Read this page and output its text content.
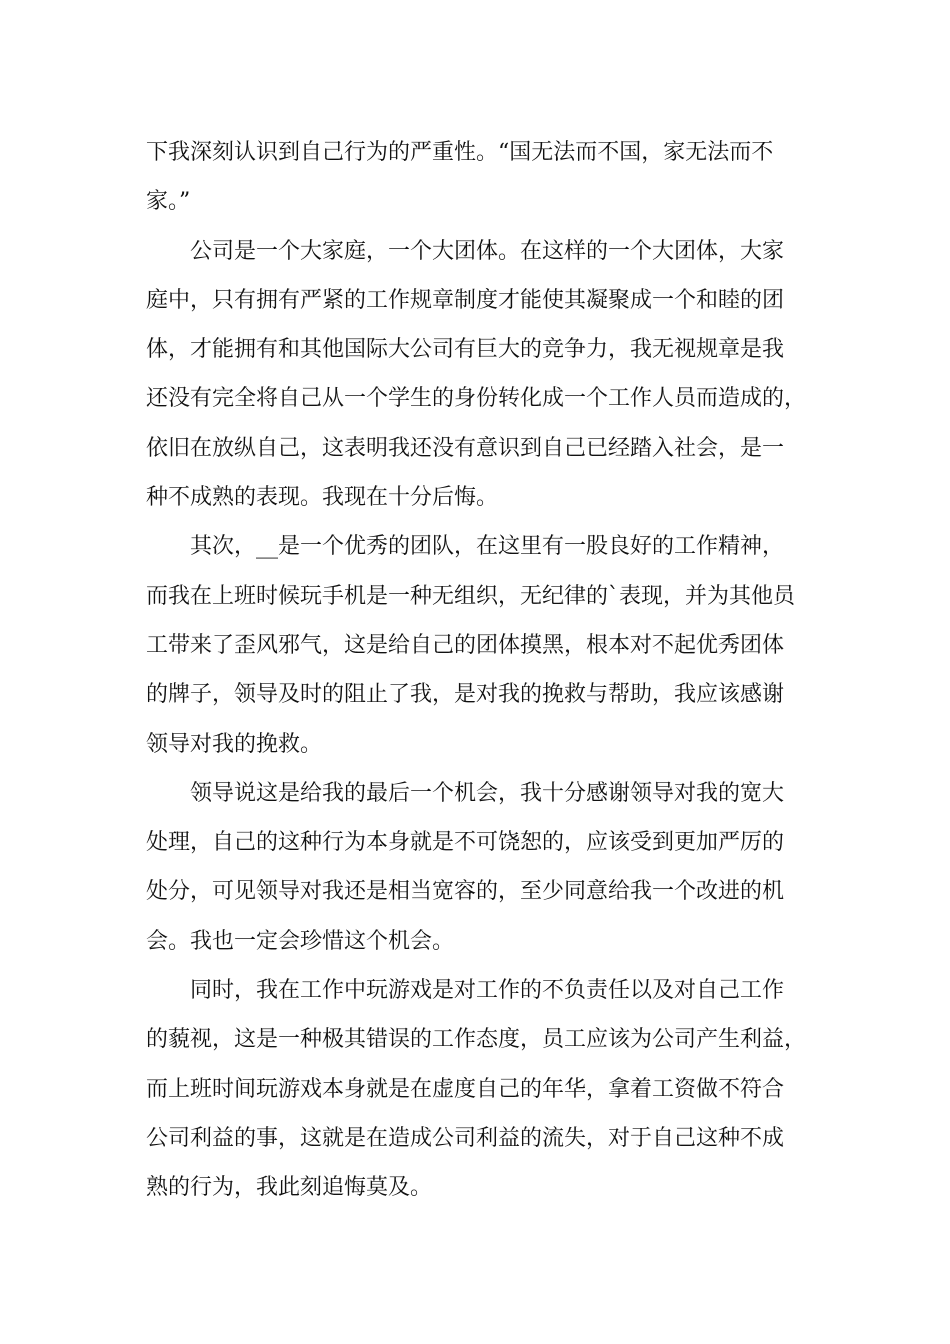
下我深刻认识到自己行为的严重性。“国无法而不国，家无法而不
家。”
公司是一个大家庭，一个大团体。在这样的一个大团体，大家
庭中，只有拥有严紧的工作规章制度才能使其凝聚成一个和睦的团
体，才能拥有和其他国际大公司有巨大的竞争力，我无视规章是我
还没有完全将自己从一个学生的身份转化成一个工作人员而造成的，
依旧在放纵自己，这表明我还没有意识到自己已经踏入社会，是一
种不成熟的表现。我现在十分后悔。
其次，__是一个优秀的团队，在这里有一股良好的工作精神，
而我在上班时候玩手机是一种无组织，无纪律的`表现，并为其他员
工带来了歪风邪气，这是给自己的团体摸黑，根本对不起优秀团体
的牌子，领导及时的阻止了我，是对我的挽救与帮助，我应该感谢
领导对我的挽救。
领导说这是给我的最后一个机会，我十分感谢领导对我的宽大
处理，自己的这种行为本身就是不可饶恕的，应该受到更加严厉的
处分，可见领导对我还是相当宽容的，至少同意给我一个改进的机
会。我也一定会珍惜这个机会。
同时，我在工作中玩游戏是对工作的不负责任以及对自己工作
的藐视，这是一种极其错误的工作态度，员工应该为公司产生利益，
而上班时间玩游戏本身就是在虚度自己的年华，拿着工资做不符合
公司利益的事，这就是在造成公司利益的流失，对于自己这种不成
熟的行为，我此刻追悔莫及。
